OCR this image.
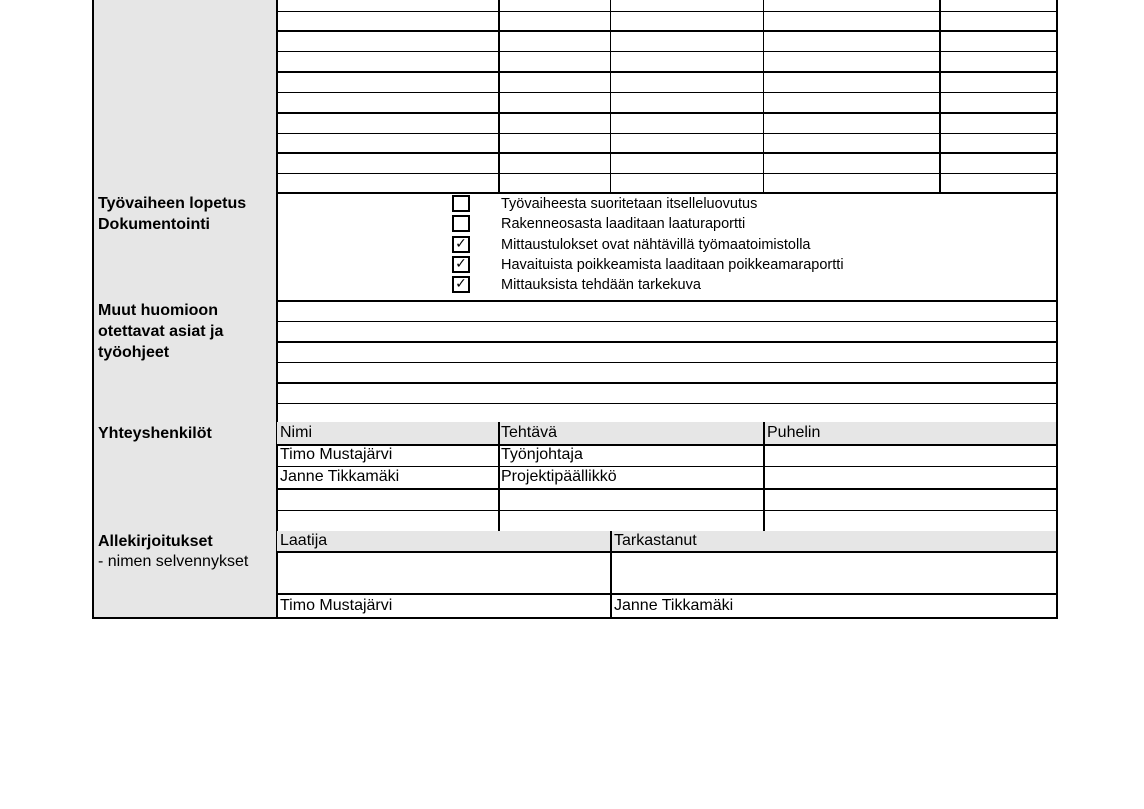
Työvaiheen lopetus
Dokumentointi
Työvaiheesta suoritetaan itselleluovutus
Rakenneosasta laaditaan laaturaportti
✓ Mittaustulokset ovat nähtävillä työmaatoimistolla
✓ Havaituista poikkeamista laaditaan poikkeamaraportti
✓ Mittauksista tehdään tarkekuva
Muut huomioon
otettavat asiat ja
työohjeet
Yhteyshenkilöt	Nimi	Tehtävä	Puhelin
Timo Mustajärvi	Työnjohtaja
Janne Tikkamäki	Projektipäällikkö
Allekirjoitukset
- nimen selvennykset
Laatija	Tarkastanut
Timo Mustajärvi	Janne Tikkamäki
